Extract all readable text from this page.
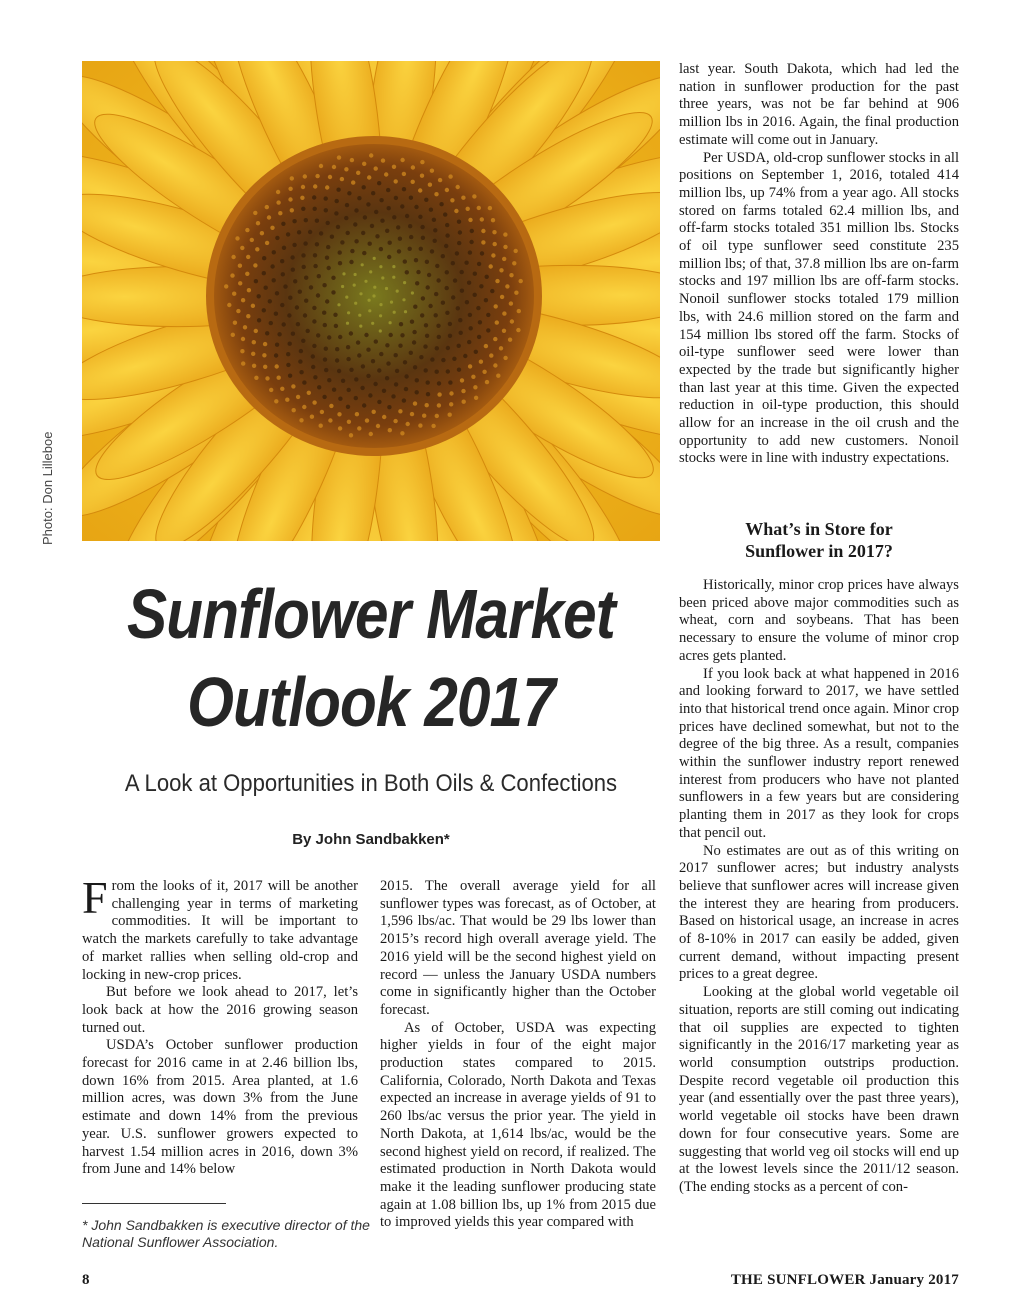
Photo: Don Lilleboe
Sunflower Market
Outlook 2017
A Look at Opportunities in Both Oils & Confections
By John Sandbakken*

From the looks of it, 2017 will be another challenging year in terms of marketing commodities. It will be important to watch the markets carefully to take advantage of market rallies when selling old-crop and locking in new-crop prices.

But before we look ahead to 2017, let’s look back at how the 2016 growing season turned out.

USDA’s October sunflower production forecast for 2016 came in at 2.46 billion lbs, down 16% from 2015. Area planted, at 1.6 million acres, was down 3% from the June estimate and down 14% from the previous year. U.S. sunflower growers expected to harvest 1.54 million acres in 2016, down 3% from June and 14% below

2015. The overall average yield for all sunflower types was forecast, as of October, at 1,596 lbs/ac. That would be 29 lbs lower than 2015’s record high overall average yield. The 2016 yield will be the second highest yield on record — unless the January USDA numbers come in significantly higher than the October forecast.

As of October, USDA was expecting higher yields in four of the eight major production states compared to 2015. California, Colorado, North Dakota and Texas expected an increase in average yields of 91 to 260 lbs/ac versus the prior year. The yield in North Dakota, at 1,614 lbs/ac, would be the second highest yield on record, if realized. The estimated production in North Dakota would make it the leading sunflower producing state again at 1.08 billion lbs, up 1% from 2015 due to improved yields this year compared with

last year. South Dakota, which had led the nation in sunflower production for the past three years, was not be far behind at 906 million lbs in 2016. Again, the final production estimate will come out in January.

Per USDA, old-crop sunflower stocks in all positions on September 1, 2016, totaled 414 million lbs, up 74% from a year ago. All stocks stored on farms totaled 62.4 million lbs, and off-farm stocks totaled 351 million lbs. Stocks of oil type sunflower seed constitute 235 million lbs; of that, 37.8 million lbs are on-farm stocks and 197 million lbs are off-farm stocks. Nonoil sunflower stocks totaled 179 million lbs, with 24.6 million stored on the farm and 154 million lbs stored off the farm. Stocks of oil-type sunflower seed were lower than expected by the trade but significantly higher than last year at this time. Given the expected reduction in oil-type production, this should allow for an increase in the oil crush and the opportunity to add new customers. Nonoil stocks were in line with industry expectations.

What’s in Store for
Sunflower in 2017?

Historically, minor crop prices have always been priced above major commodities such as wheat, corn and soybeans. That has been necessary to ensure the volume of minor crop acres gets planted.

If you look back at what happened in 2016 and looking forward to 2017, we have settled into that historical trend once again. Minor crop prices have declined somewhat, but not to the degree of the big three. As a result, companies within the sunflower industry report renewed interest from producers who have not planted sunflowers in a few years but are considering planting them in 2017 as they look for crops that pencil out.

No estimates are out as of this writing on 2017 sunflower acres; but industry analysts believe that sunflower acres will increase given the interest they are hearing from producers. Based on historical usage, an increase in acres of 8-10% in 2017 can easily be added, given current demand, without impacting present prices to a great degree.

Looking at the global world vegetable oil situation, reports are still coming out indicating that oil supplies are expected to tighten significantly in the 2016/17 marketing year as world consumption outstrips production. Despite record vegetable oil production this year (and essentially over the past three years), world vegetable oil stocks have been drawn down for four consecutive years. Some are suggesting that world veg oil stocks will end up at the lowest levels since the 2011/12 season. (The ending stocks as a percent of con-

* John Sandbakken is executive director of the National Sunflower Association.
8	THE SUNFLOWER January 2017
